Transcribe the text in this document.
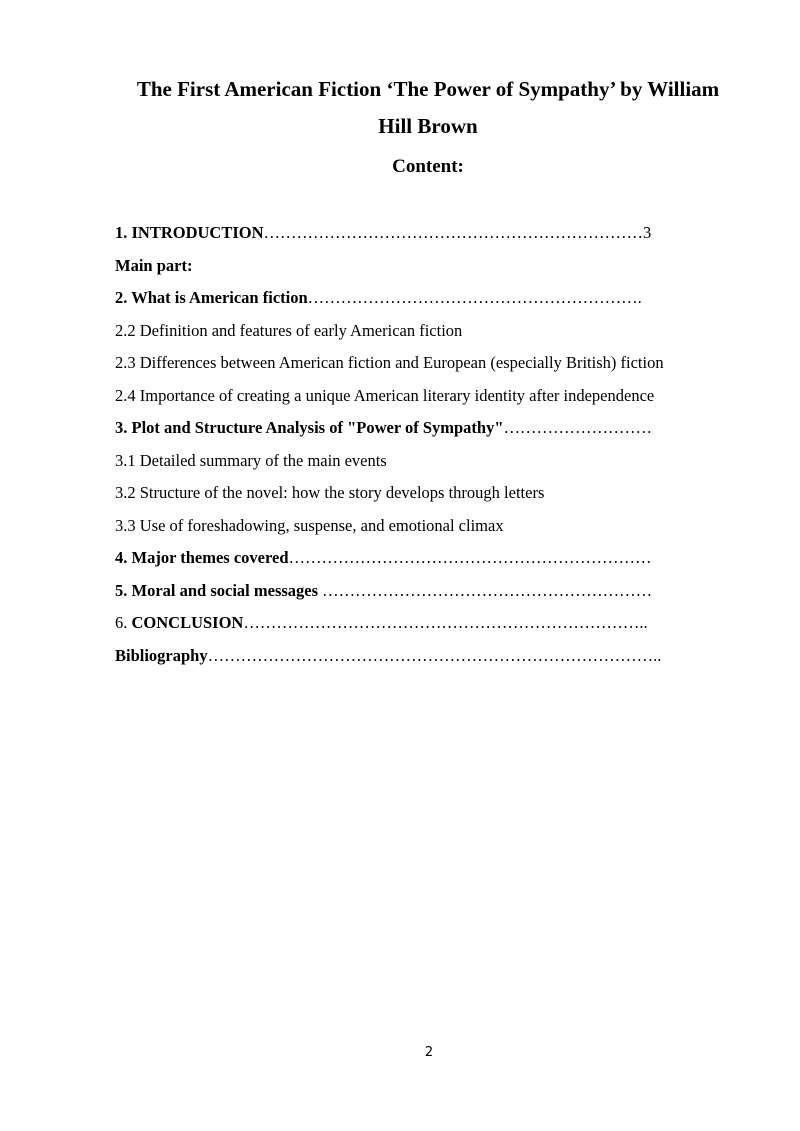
The First American Fiction ‘The Power of Sympathy’ by William
Hill Brown
Content:
1. INTRODUCTION……………………………………………………………3
Main part:
2. What is American fiction…………………………………………………….
2.2 Definition and features of early American fiction
2.3 Differences between American fiction and European (especially British) fiction
2.4 Importance of creating a unique American literary identity after independence
3. Plot and Structure Analysis of "Power of Sympathy"………………………
3.1 Detailed summary of the main events
3.2 Structure of the novel: how the story develops through letters
3.3 Use of foreshadowing, suspense, and emotional climax
4. Major themes covered…………………………………………………………
5. Moral and social messages ……………………………………………………
6. CONCLUSION………………………………………………………………..
Bibliography………………………………………………………………………..
2
